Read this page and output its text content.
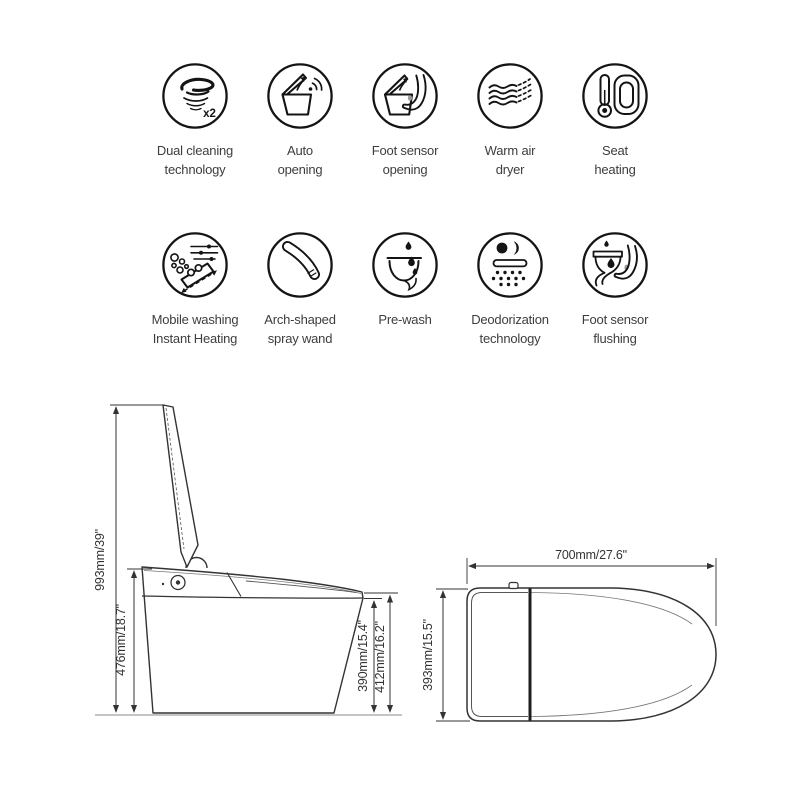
x2
Dual cleaning
technology
Auto
opening
Foot sensor
opening
Warm air
dryer
Seat
heating
Mobile washing
Instant Heating
Arch-shaped
spray wand
Pre-wash	Deodorization
technology
Foot sensor
flushing
993mm/39"
476mm/18.7"	390mm/15.4" 412mm/16.2"
700mm/27.6"
393mm/15.5"
